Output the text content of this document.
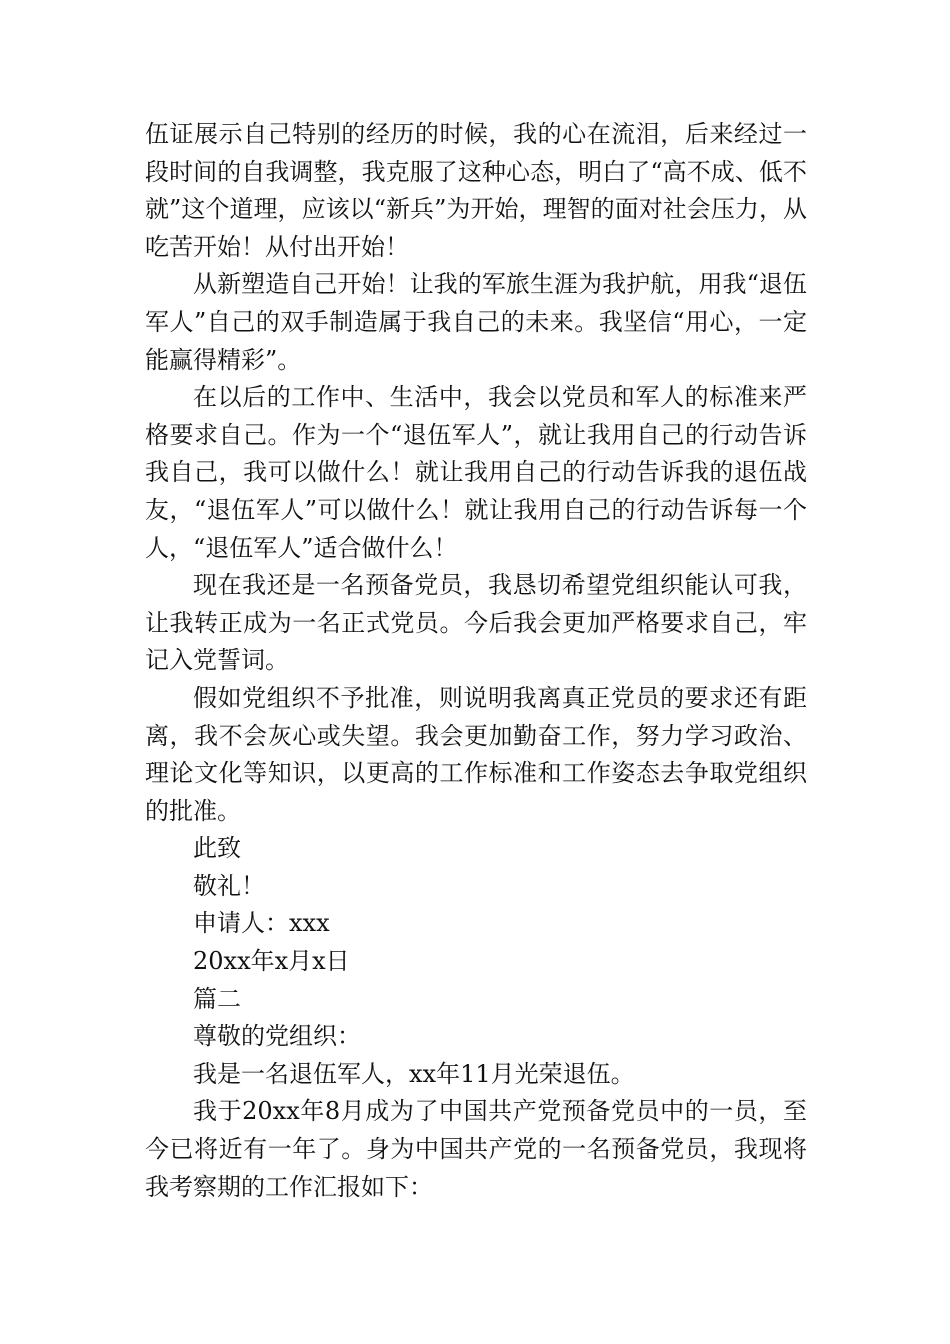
伍证展示自己特别的经历的时候，我的心在流泪，后来经过一段时间的自我调整，我克服了这种心态，明白了“高不成、低不就”这个道理，应该以“新兵”为开始，理智的面对社会压力，从吃苦开始！从付出开始！

从新塑造自己开始！让我的军旅生涯为我护航，用我“退伍军人”自己的双手制造属于我自己的未来。我坚信“用心，一定能赢得精彩”。

在以后的工作中、生活中，我会以党员和军人的标准来严格要求自己。作为一个“退伍军人”，就让我用自己的行动告诉我自己，我可以做什么！就让我用自己的行动告诉我的退伍战友，“退伍军人”可以做什么！就让我用自己的行动告诉每一个人，“退伍军人”适合做什么！

现在我还是一名预备党员，我恳切希望党组织能认可我，让我转正成为一名正式党员。今后我会更加严格要求自己，牢记入党誓词。

假如党组织不予批准，则说明我离真正党员的要求还有距离，我不会灰心或失望。我会更加勤奋工作，努力学习政治、理论文化等知识，以更高的工作标准和工作姿态去争取党组织的批准。

此致

敬礼！

申请人：xxx

20xx年x月x日

篇二

尊敬的党组织：

我是一名退伍军人，xx年11月光荣退伍。

我于20xx年8月成为了中国共产党预备党员中的一员，至今已将近有一年了。身为中国共产党的一名预备党员，我现将我考察期的工作汇报如下：
